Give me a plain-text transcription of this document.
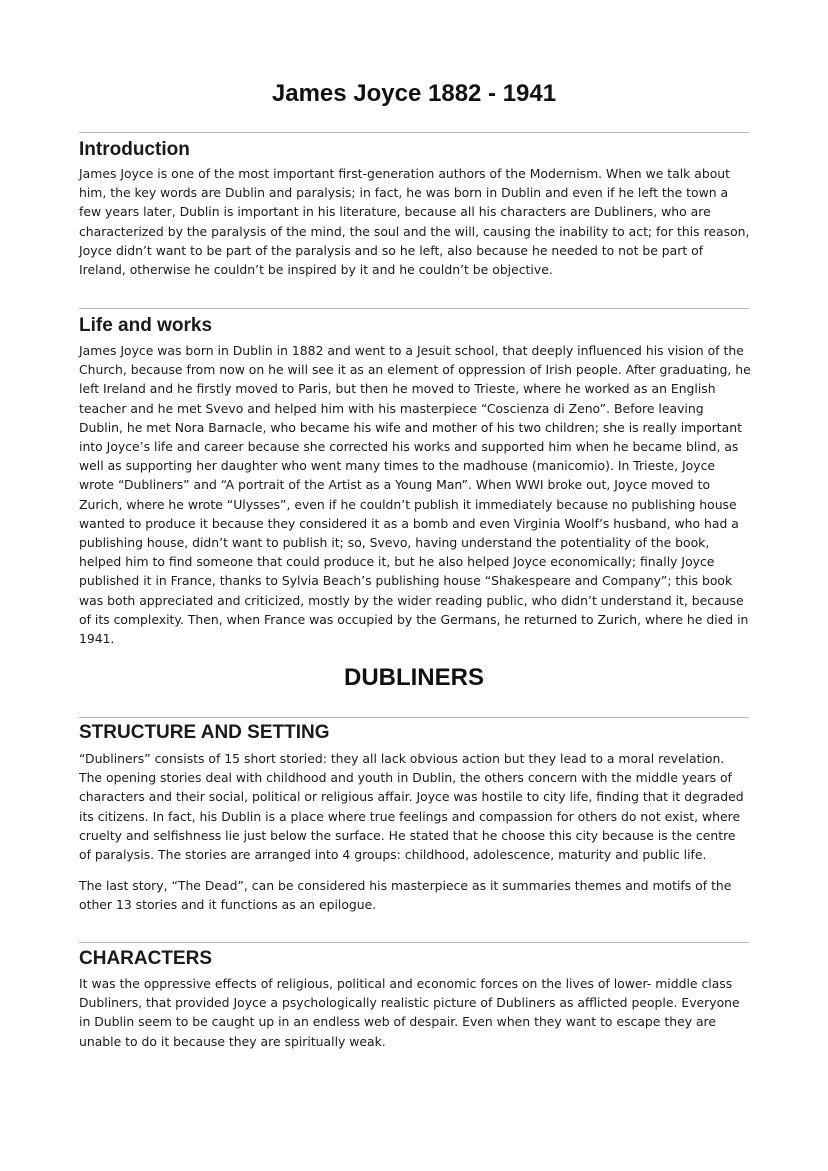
James Joyce 1882 - 1941
Introduction

James Joyce is one of the most important first-generation authors of the Modernism. When we talk about him, the key words are Dublin and paralysis; in fact, he was born in Dublin and even if he left the town a few years later, Dublin is important in his literature, because all his characters are Dubliners, who are characterized by the paralysis of the mind, the soul and the will, causing the inability to act; for this reason, Joyce didn’t want to be part of the paralysis and so he left, also because he needed to not be part of Ireland, otherwise he couldn’t be inspired by it and he couldn’t be objective.

Life and works

James Joyce was born in Dublin in 1882 and went to a Jesuit school, that deeply influenced his vision of the Church, because from now on he will see it as an element of oppression of Irish people. After graduating, he left Ireland and he firstly moved to Paris, but then he moved to Trieste, where he worked as an English teacher and he met Svevo and helped him with his masterpiece “Coscienza di Zeno”. Before leaving Dublin, he met Nora Barnacle, who became his wife and mother of his two children; she is really important into Joyce’s life and career because she corrected his works and supported him when he became blind, as well as supporting her daughter who went many times to the madhouse (manicomio). In Trieste, Joyce wrote “Dubliners” and “A portrait of the Artist as a Young Man”. When WWI broke out, Joyce moved to Zurich, where he wrote “Ulysses”, even if he couldn’t publish it immediately because no publishing house wanted to produce it because they considered it as a bomb and even Virginia Woolf’s husband, who had a publishing house, didn’t want to publish it; so, Svevo, having understand the potentiality of the book, helped him to find someone that could produce it, but he also helped Joyce economically; finally Joyce published it in France, thanks to Sylvia Beach’s publishing house “Shakespeare and Company”; this book was both appreciated and criticized, mostly by the wider reading public, who didn’t understand it, because of its complexity. Then, when France was occupied by the Germans, he returned to Zurich, where he died in 1941.

DUBLINERS
STRUCTURE AND SETTING

“Dubliners” consists of 15 short storied: they all lack obvious action but they lead to a moral revelation. The opening stories deal with childhood and youth in Dublin, the others concern with the middle years of characters and their social, political or religious affair. Joyce was hostile to city life, finding that it degraded its citizens. In fact, his Dublin is a place where true feelings and compassion for others do not exist, where cruelty and selfishness lie just below the surface. He stated that he choose this city because is the centre of paralysis. The stories are arranged into 4 groups: childhood, adolescence, maturity and public life.

The last story, “The Dead”, can be considered his masterpiece as it summaries themes and motifs of the other 13 stories and it functions as an epilogue.

CHARACTERS

It was the oppressive effects of religious, political and economic forces on the lives of lower- middle class Dubliners, that provided Joyce a psychologically realistic picture of Dubliners as afflicted people. Everyone in Dublin seem to be caught up in an endless web of despair. Even when they want to escape they are unable to do it because they are spiritually weak.
